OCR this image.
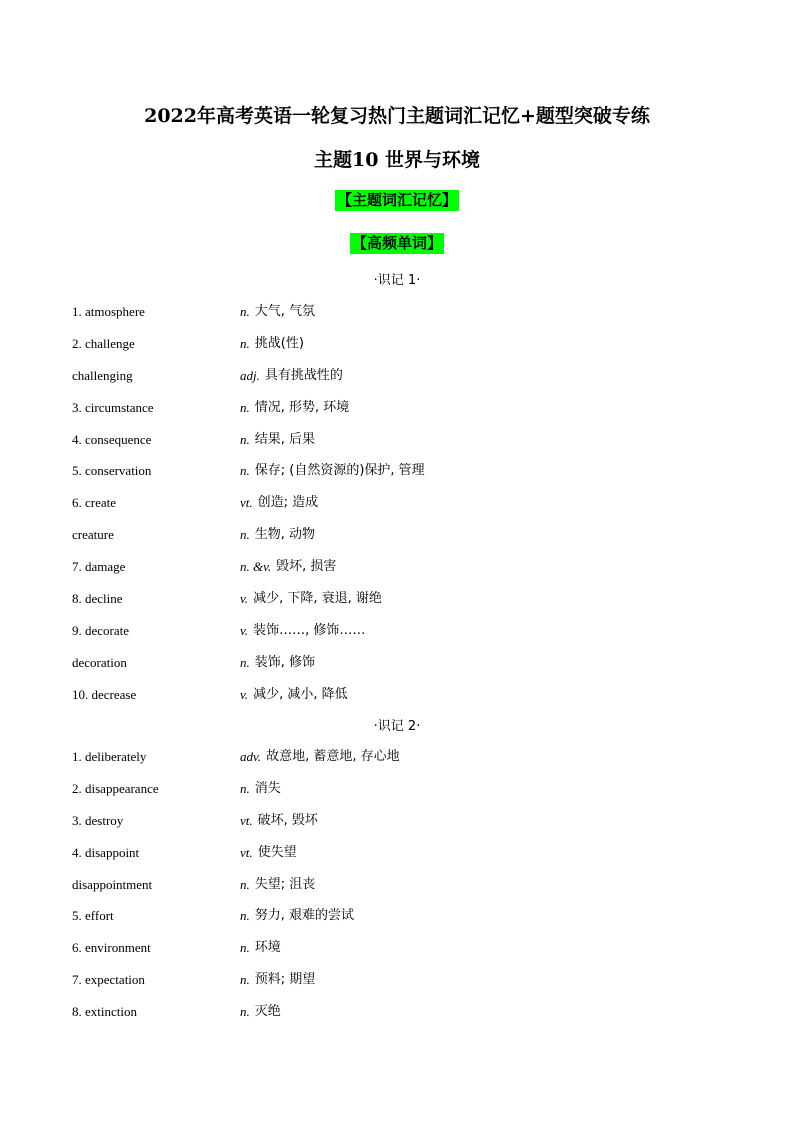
2022年高考英语一轮复习热门主题词汇记忆+题型突破专练
主题10 世界与环境
【主题词汇记忆】
【高频单词】
·识记 1·
1. atmosphere	n. 大气, 气氛
2. challenge	n. 挑战(性)
challenging	adj. 具有挑战性的
3. circumstance	n. 情况, 形势, 环境
4. consequence	n. 结果, 后果
5. conservation	n. 保存; (自然资源的)保护, 管理
6. create	vt. 创造; 造成
creature	n. 生物, 动物
7. damage	n. &v. 毁坏, 损害
8. decline	v. 减少, 下降, 衰退, 谢绝
9. decorate	v. 装饰……, 修饰……
decoration	n. 装饰, 修饰
10. decrease	v. 减少, 减小, 降低
·识记 2·
1. deliberately	adv. 故意地, 蓄意地, 存心地
2. disappearance	n. 消失
3. destroy	vt. 破坏, 毁坏
4. disappoint	vt. 使失望
disappointment	n. 失望; 沮丧
5. effort	n. 努力, 艰难的尝试
6. environment	n. 环境
7. expectation	n. 预料; 期望
8. extinction	n. 灭绝
